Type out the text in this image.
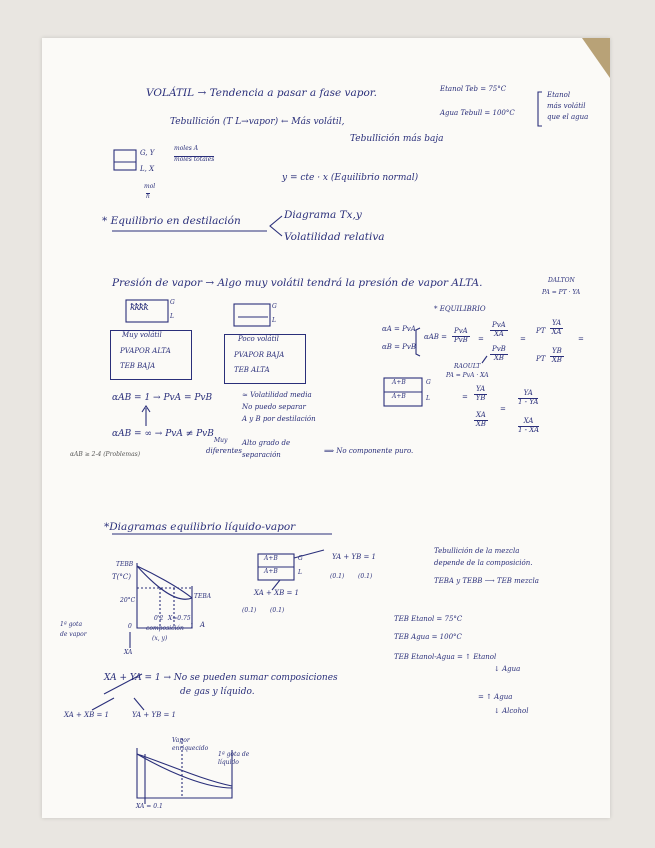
VOLÁTIL → Tendencia a pasar a fase vapor.	Etanol Teb = 75°C
Agua Tebull = 100°C
Etanol
más volátil
que el agua
Tebullición (T L→vapor) ← Más volátil,
Tebullición más baja
G, Y
L, X
moles A
moles totales
mol
h
y = cte · x (Equilibrio normal)
* Equilibrio en destilación	Diagrama Tx,y
Volatilidad relativa
Presión de vapor → Algo muy volátil tendrá la presión de vapor ALTA.	DALTON
PA = PT · YA
* EQUILIBRIO
ꝁꝁꝁꝁ
G
L
Muy volátil
PVAPOR ALTA
TEB BAJA
G
L
Poco volátil
PVAPOR BAJA
TEB ALTA
αA = PvA
αB = PvB
αAB =
PvA
PvB =
PvA
XA
PvB
XB
=
PT $\frac{YA}{XA}$
PT $\frac{YB}{XB}$
=
RAOULT
PA = PvA · XA
A+B
A+B
G
L	= $\frac{YA}{YB}$
$\frac{XA}{XB}$
=
$\frac{YA}{1 - YA}$
$\frac{XA}{1 - XA}$
αAB = 1 → PvA = PvB	≈ Volatilidad media
No puedo separar
A y B por destilación
αAB = ∞ → PvA ≠ PvB
Muy
diferentes
Alto grado de
separación	⟹ No componente puro.
αAB ≥ 2-4 (Problemas)
*Diagramas equilibrio líquido-vapor
TEBB
T(°C)
TEBA
20°C
0
0'2 X=0.75
1 A
1ª gota
de vapor
composición
(x, y)
XA
A+B
A+B
G
L
YA + YB = 1
(0.1) (0.1)
XA + XB = 1
(0.1) (0.1)
Tebullición de la mezcla
depende de la composición.
TEBA y TEBB ⟶ TEB mezcla
TEB Etanol = 75°C
TEB Agua = 100°C
TEB Etanol-Agua = ↑ Etanol
↓ Agua
= ↑ Agua
↓ Alcohol
XA + YA = 1 → No se pueden sumar composiciones
de gas y líquido.
XA + XB = 1	YA + YB = 1
Vapor
enriquecido
1ª gota de
líquido
XA = 0.1
